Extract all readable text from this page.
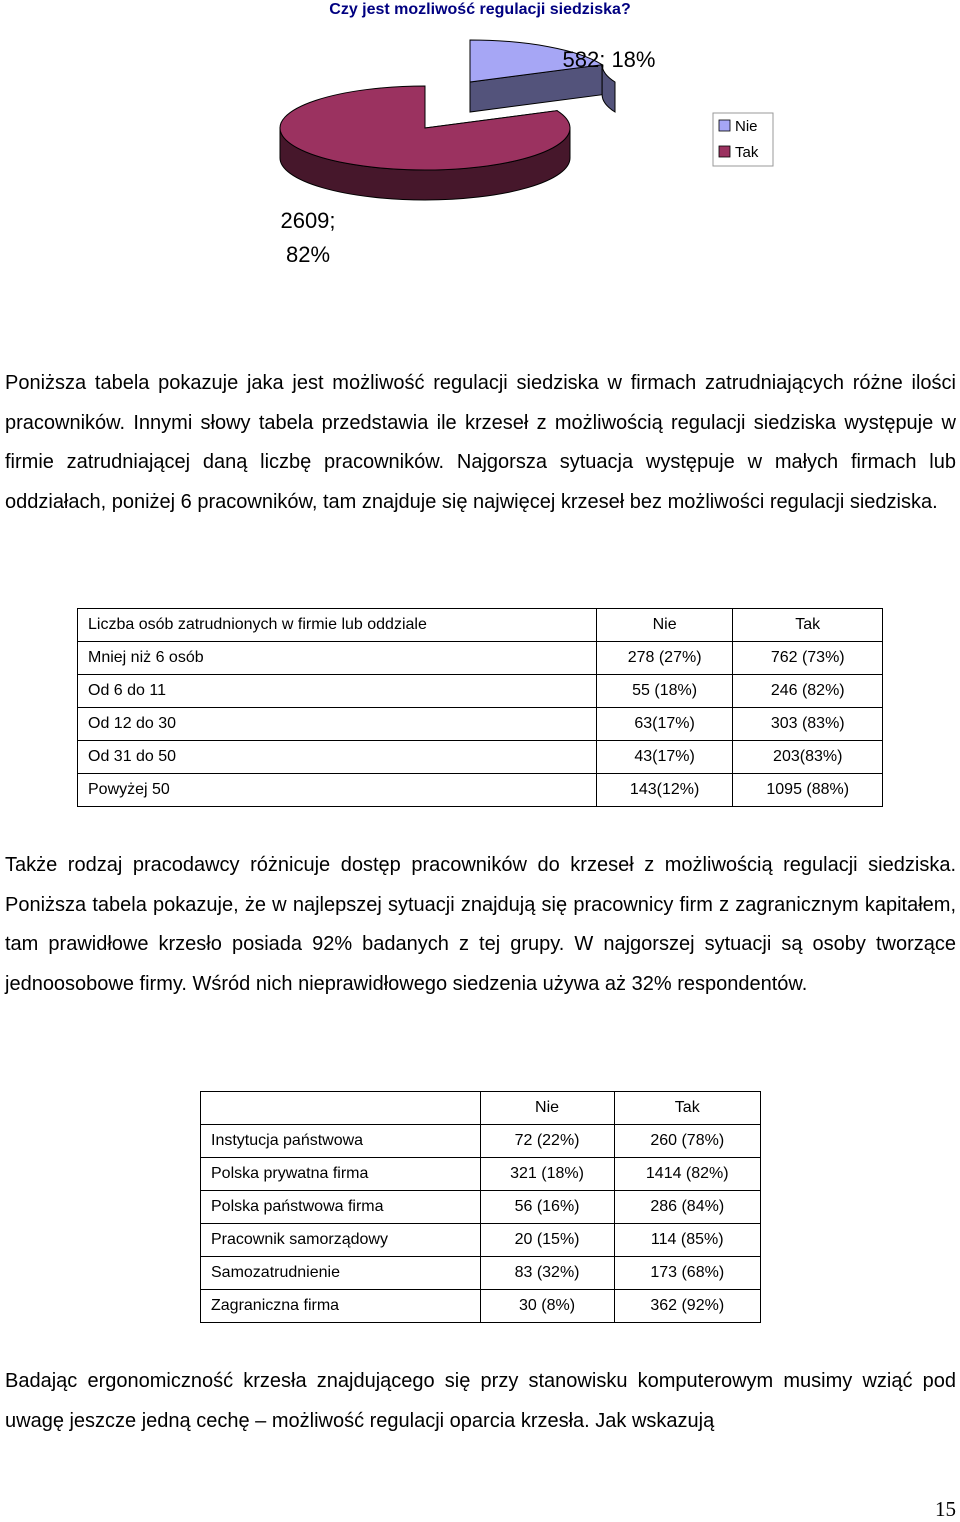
Czy jest mozliwość regulacji siedziska?
582; 18%
2609;
82%
Nie
Tak

Poniższa tabela pokazuje jaka jest możliwość regulacji siedziska w firmach zatrudniających różne ilości pracowników. Innymi słowy tabela przedstawia ile krzeseł z możliwością regulacji siedziska występuje w firmie zatrudniającej daną liczbę pracowników. Najgorsza sytuacja występuje w małych firmach lub oddziałach, poniżej 6 pracowników, tam znajduje się najwięcej krzeseł bez możliwości regulacji siedziska.

Liczba osób zatrudnionych w firmie lub oddziale	Nie	Tak
Mniej niż 6 osób	278 (27%)	762 (73%)
Od 6 do 11	55 (18%)	246 (82%)
Od 12 do 30	63(17%)	303 (83%)
Od 31 do 50	43(17%)	203(83%)
Powyżej 50	143(12%)	1095 (88%)

Także rodzaj pracodawcy różnicuje dostęp pracowników do krzeseł z możliwością regulacji siedziska. Poniższa tabela pokazuje, że w najlepszej sytuacji znajdują się pracownicy firm z zagranicznym kapitałem, tam prawidłowe krzesło posiada 92% badanych z tej grupy. W najgorszej sytuacji są osoby tworzące jednoosobowe firmy. Wśród nich nieprawidłowego siedzenia używa aż 32% respondentów.

	Nie	Tak
Instytucja państwowa	72 (22%)	260 (78%)
Polska prywatna firma	321 (18%)	1414 (82%)
Polska państwowa firma	56 (16%)	286 (84%)
Pracownik samorządowy	20 (15%)	114 (85%)
Samozatrudnienie	83 (32%)	173 (68%)
Zagraniczna firma	30 (8%)	362 (92%)

Badając ergonomiczność krzesła znajdującego się przy stanowisku komputerowym musimy wziąć pod uwagę jeszcze jedną cechę – możliwość regulacji oparcia krzesła. Jak wskazują

15
